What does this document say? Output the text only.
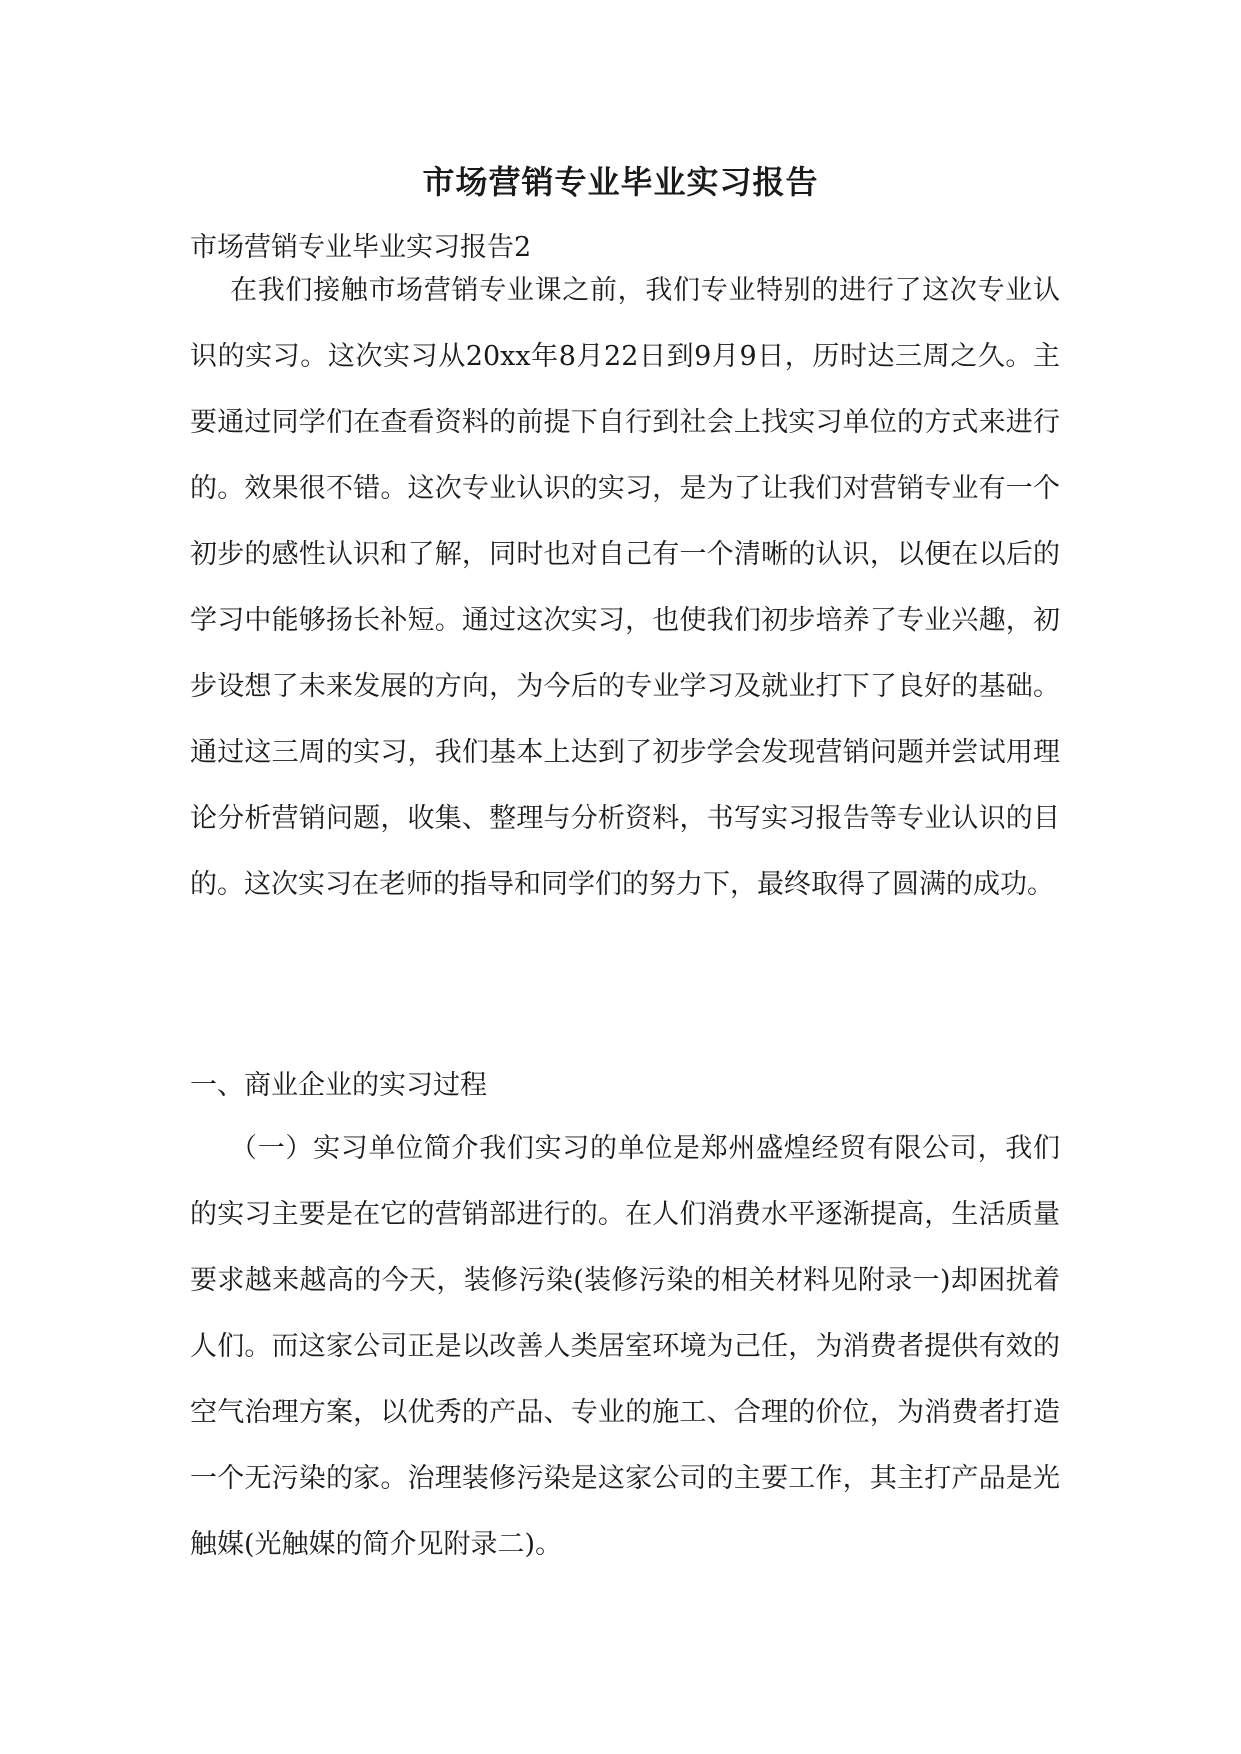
市场营销专业毕业实习报告
市场营销专业毕业实习报告2

在我们接触市场营销专业课之前，我们专业特别的进行了这次专业认识的实习。这次实习从20xx年8月22日到9月9日，历时达三周之久。主要通过同学们在查看资料的前提下自行到社会上找实习单位的方式来进行的。效果很不错。这次专业认识的实习，是为了让我们对营销专业有一个初步的感性认识和了解，同时也对自己有一个清晰的认识，以便在以后的学习中能够扬长补短。通过这次实习，也使我们初步培养了专业兴趣，初步设想了未来发展的方向，为今后的专业学习及就业打下了良好的基础。通过这三周的实习，我们基本上达到了初步学会发现营销问题并尝试用理论分析营销问题，收集、整理与分析资料，书写实习报告等专业认识的目的。这次实习在老师的指导和同学们的努力下，最终取得了圆满的成功。

一、商业企业的实习过程

（一）实习单位简介我们实习的单位是郑州盛煌经贸有限公司，我们的实习主要是在它的营销部进行的。在人们消费水平逐渐提高，生活质量要求越来越高的今天，装修污染(装修污染的相关材料见附录一)却困扰着人们。而这家公司正是以改善人类居室环境为己任，为消费者提供有效的空气治理方案，以优秀的产品、专业的施工、合理的价位，为消费者打造一个无污染的家。治理装修污染是这家公司的主要工作，其主打产品是光触媒(光触媒的简介见附录二)。
